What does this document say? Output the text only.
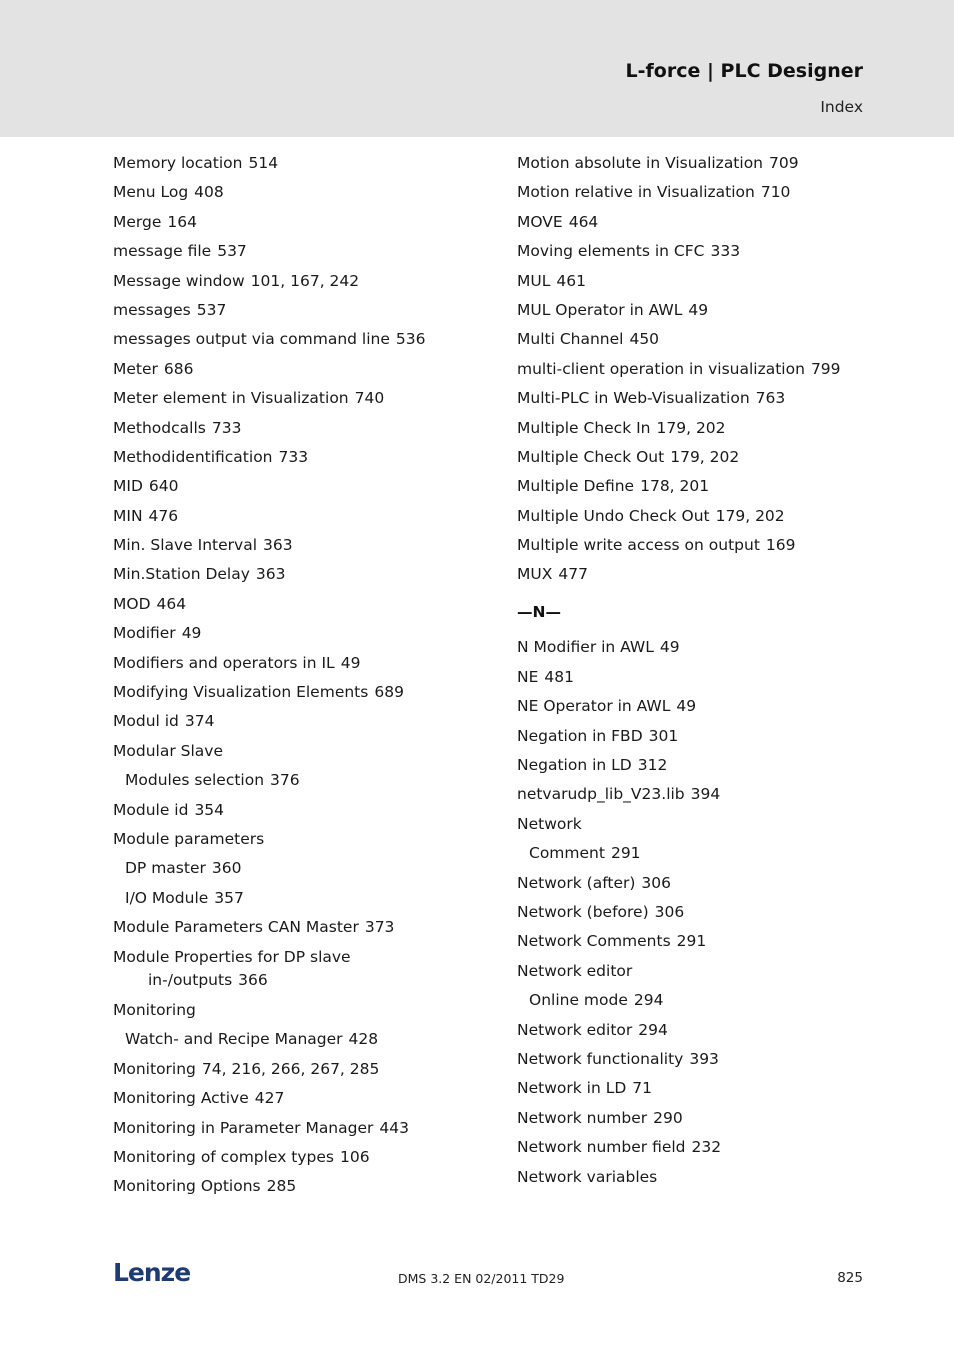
L-force | PLC Designer
Index
Memory location 514
Menu Log 408
Merge 164
message file 537
Message window 101, 167, 242
messages 537
messages output via command line 536
Meter 686
Meter element in Visualization 740
Methodcalls 733
Methodidentification 733
MID 640
MIN 476
Min. Slave Interval 363
Min.Station Delay 363
MOD 464
Modifier 49
Modifiers and operators in IL 49
Modifying Visualization Elements 689
Modul id 374
Modular Slave
Modules selection 376
Module id 354
Module parameters
DP master 360
I/O Module 357
Module Parameters CAN Master 373
Module Properties for DP slave in-/outputs 366
Monitoring
Watch- and Recipe Manager 428
Monitoring 74, 216, 266, 267, 285
Monitoring Active 427
Monitoring in Parameter Manager 443
Monitoring of complex types 106
Monitoring Options 285
Motion absolute in Visualization 709
Motion relative in Visualization 710
MOVE 464
Moving elements in CFC 333
MUL 461
MUL Operator in AWL 49
Multi Channel 450
multi-client operation in visualization 799
Multi-PLC in Web-Visualization 763
Multiple Check In 179, 202
Multiple Check Out 179, 202
Multiple Define 178, 201
Multiple Undo Check Out 179, 202
Multiple write access on output 169
MUX 477
—N—
N Modifier in AWL 49
NE 481
NE Operator in AWL 49
Negation in FBD 301
Negation in LD 312
netvarudp_lib_V23.lib 394
Network
Comment 291
Network (after) 306
Network (before) 306
Network Comments 291
Network editor
Online mode 294
Network editor 294
Network functionality 393
Network in LD 71
Network number 290
Network number field 232
Network variables
Lenze	DMS 3.2 EN 02/2011 TD29	825
